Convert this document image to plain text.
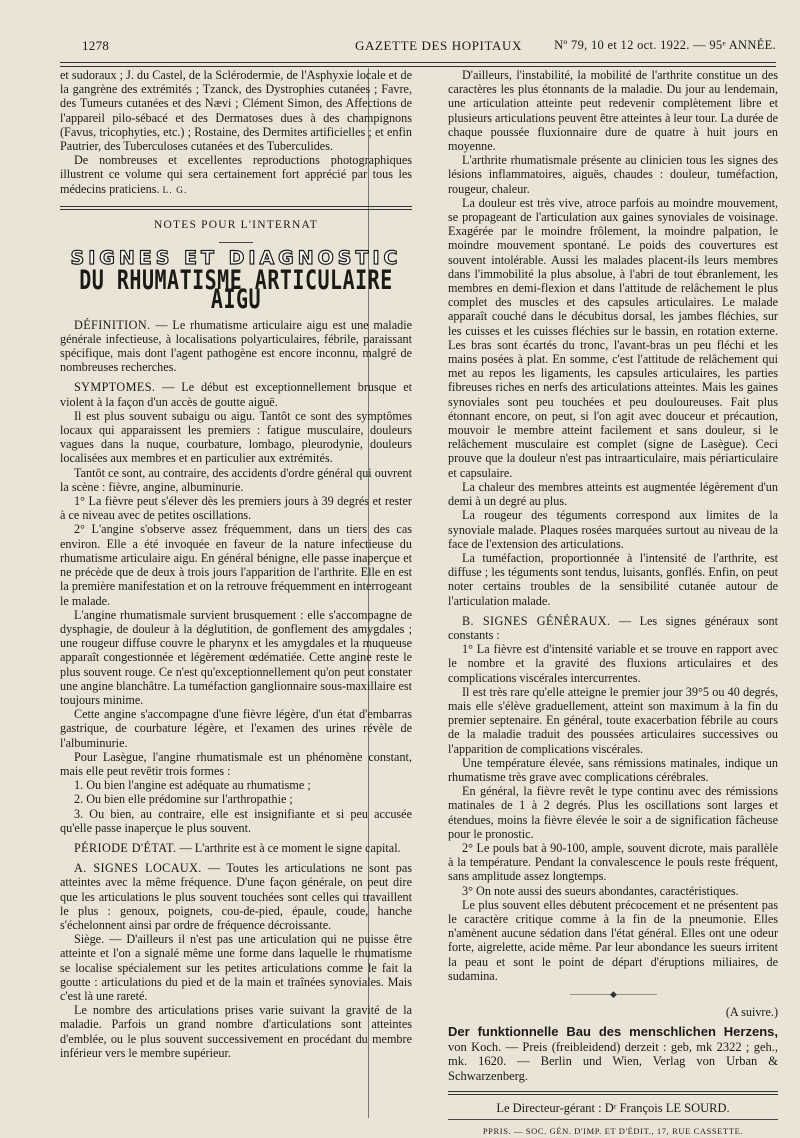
1278	GAZETTE DES HOPITAUX	Nº 79, 10 et 12 oct. 1922. — 95ᵉ ANNÉE.

et sudoraux ; J. du Castel, de la Sclérodermie, de l'Asphyxie locale et de la gangrène des extrémités ; Tzanck, des Dystrophies cutanées ; Favre, des Tumeurs cutanées et des Nævi ; Clément Simon, des Affections de l'appareil pilo-sébacé et des Dermatoses dues à des champignons (Favus, tricophyties, etc.) ; Rostaine, des Dermites artificielles ; et enfin Pautrier, des Tuberculoses cutanées et des Tuberculides.

De nombreuses et excellentes reproductions photographiques illustrent ce volume qui sera certainement fort apprécié par tous les médecins praticiens. L. G.

NOTES POUR L'INTERNAT
SIGNES ET DIAGNOSTIC
DU RHUMATISME ARTICULAIRE AIGU

DÉFINITION. — Le rhumatisme articulaire aigu est une maladie générale infectieuse, à localisations polyarticulaires, fébrile, paraissant spécifique, mais dont l'agent pathogène est encore inconnu, malgré de nombreuses recherches.

SYMPTOMES. — Le début est exceptionnellement brusque et violent à la façon d'un accès de goutte aiguë.

Il est plus souvent subaigu ou aigu. Tantôt ce sont des symptômes locaux qui apparaissent les premiers : fatigue musculaire, douleurs vagues dans la nuque, courbature, lombago, pleurodynie, douleurs localisées aux membres et en particulier aux extrémités.

Tantôt ce sont, au contraire, des accidents d'ordre général qui ouvrent la scène : fièvre, angine, albuminurie.

1° La fièvre peut s'élever dès les premiers jours à 39 degrés et rester à ce niveau avec de petites oscillations.

2° L'angine s'observe assez fréquemment, dans un tiers des cas environ. Elle a été invoquée en faveur de la nature infectieuse du rhumatisme articulaire aigu. En général bénigne, elle passe inaperçue et ne précède que de deux à trois jours l'apparition de l'arthrite. Elle en est la première manifestation et on la retrouve fréquemment en interrogeant le malade.

L'angine rhumatismale survient brusquement : elle s'accompagne de dysphagie, de douleur à la déglutition, de gonflement des amygdales ; une rougeur diffuse couvre le pharynx et les amygdales et la muqueuse apparaît congestionnée et légèrement œdématiée. Cette angine reste le plus souvent rouge. Ce n'est qu'exceptionnellement qu'on peut constater une angine blanchâtre. La tuméfaction ganglionnaire sous-maxillaire est toujours minime.

Cette angine s'accompagne d'une fièvre légère, d'un état d'embarras gastrique, de courbature légère, et l'examen des urines révèle de l'albuminurie.

Pour Lasègue, l'angine rhumatismale est un phénomène constant, mais elle peut revêtir trois formes :

1. Ou bien l'angine est adéquate au rhumatisme ;

2. Ou bien elle prédomine sur l'arthropathie ;

3. Ou bien, au contraire, elle est insignifiante et si peu accusée qu'elle passe inaperçue le plus souvent.

PÉRIODE D'ÉTAT. — L'arthrite est à ce moment le signe capital.

A. SIGNES LOCAUX. — Toutes les articulations ne sont pas atteintes avec la même fréquence. D'une façon générale, on peut dire que les articulations le plus souvent touchées sont celles qui travaillent le plus : genoux, poignets, cou-de-pied, épaule, coude, hanche s'échelonnent ainsi par ordre de fréquence décroissante.

Siège. — D'ailleurs il n'est pas une articulation qui ne puisse être atteinte et l'on a signalé même une forme dans laquelle le rhumatisme se localise spécialement sur les petites articulations comme le fait la goutte : articulations du pied et de la main et traînées synoviales. Mais c'est là une rareté.

Le nombre des articulations prises varie suivant la gravité de la maladie. Parfois un grand nombre d'articulations sont atteintes d'emblée, ou le plus souvent successivement en procédant du membre inférieur vers le membre supérieur.

D'ailleurs, l'instabilité, la mobilité de l'arthrite constitue un des caractères les plus étonnants de la maladie. Du jour au lendemain, une articulation atteinte peut redevenir complètement libre et plusieurs articulations peuvent être atteintes à leur tour. La durée de chaque poussée fluxionnaire dure de quatre à huit jours en moyenne.

L'arthrite rhumatismale présente au clinicien tous les signes des lésions inflammatoires, aiguës, chaudes : douleur, tuméfaction, rougeur, chaleur.

La douleur est très vive, atroce parfois au moindre mouvement, se propageant de l'articulation aux gaines synoviales de voisinage. Exagérée par le moindre frôlement, la moindre palpation, le moindre mouvement spontané. Le poids des couvertures est souvent intolérable. Aussi les malades placent-ils leurs membres dans l'immobilité la plus absolue, à l'abri de tout ébranlement, les membres en demi-flexion et dans l'attitude de relâchement le plus complet des muscles et des capsules articulaires. Le malade apparaît couché dans le décubitus dorsal, les jambes fléchies, sur les cuisses et les cuisses fléchies sur le bassin, en rotation externe. Les bras sont écartés du tronc, l'avant-bras un peu fléchi et les mains posées à plat. En somme, c'est l'attitude de relâchement qui met au repos les ligaments, les capsules articulaires, les parties fibreuses riches en nerfs des articulations atteintes. Mais les gaines synoviales sont peu touchées et peu douloureuses. Fait plus étonnant encore, on peut, si l'on agit avec douceur et précaution, mouvoir le membre atteint facilement et sans douleur, si le relâchement musculaire est complet (signe de Lasègue). Ceci prouve que la douleur n'est pas intraarticulaire, mais périarticulaire et capsulaire.

La chaleur des membres atteints est augmentée légèrement d'un demi à un degré au plus.

La rougeur des téguments correspond aux limites de la synoviale malade. Plaques rosées marquées surtout au niveau de la face de l'extension des articulations.

La tuméfaction, proportionnée à l'intensité de l'arthrite, est diffuse ; les téguments sont tendus, luisants, gonflés. Enfin, on peut noter certains troubles de la sensibilité cutanée autour de l'articulation malade.

B. SIGNES GÉNÉRAUX. — Les signes généraux sont constants :

1° La fièvre est d'intensité variable et se trouve en rapport avec le nombre et la gravité des fluxions articulaires et des complications viscérales intercurrentes.

Il est très rare qu'elle atteigne le premier jour 39°5 ou 40 degrés, mais elle s'élève graduellement, atteint son maximum à la fin du premier septenaire. En général, toute exacerbation fébrile au cours de la maladie traduit des poussées articulaires successives ou l'apparition de complications viscérales.

Une température élevée, sans rémissions matinales, indique un rhumatisme très grave avec complications cérébrales.

En général, la fièvre revêt le type continu avec des rémissions matinales de 1 à 2 degrés. Plus les oscillations sont larges et étendues, moins la fièvre élevée le soir a de signification fâcheuse pour le pronostic.

2° Le pouls bat à 90-100, ample, souvent dicrote, mais parallèle à la température. Pendant la convalescence le pouls reste fréquent, sans amplitude assez longtemps.

3° On note aussi des sueurs abondantes, caractéristiques.

Le plus souvent elles débutent précocement et ne présentent pas le caractère critique comme à la fin de la pneumonie. Elles n'amènent aucune sédation dans l'état général. Elles ont une odeur forte, aigrelette, acide même. Par leur abondance les sueurs irritent la peau et sont le point de départ d'éruptions miliaires, de sudamina.

—————◆—————

(A suivre.)

Der funktionnelle Bau des menschlichen Herzens, von Koch. — Preis (freibleidend) derzeit : geb, mk 2322 ; geh., mk. 1620. — Berlin und Wien, Verlag von Urban & Schwarzenberg.

Le Directeur-gérant : Dʳ François LE SOURD.
PPRIS. — SOC. GÉN. D'IMP. ET D'ÉDIT., 17, RUE CASSETTE.
